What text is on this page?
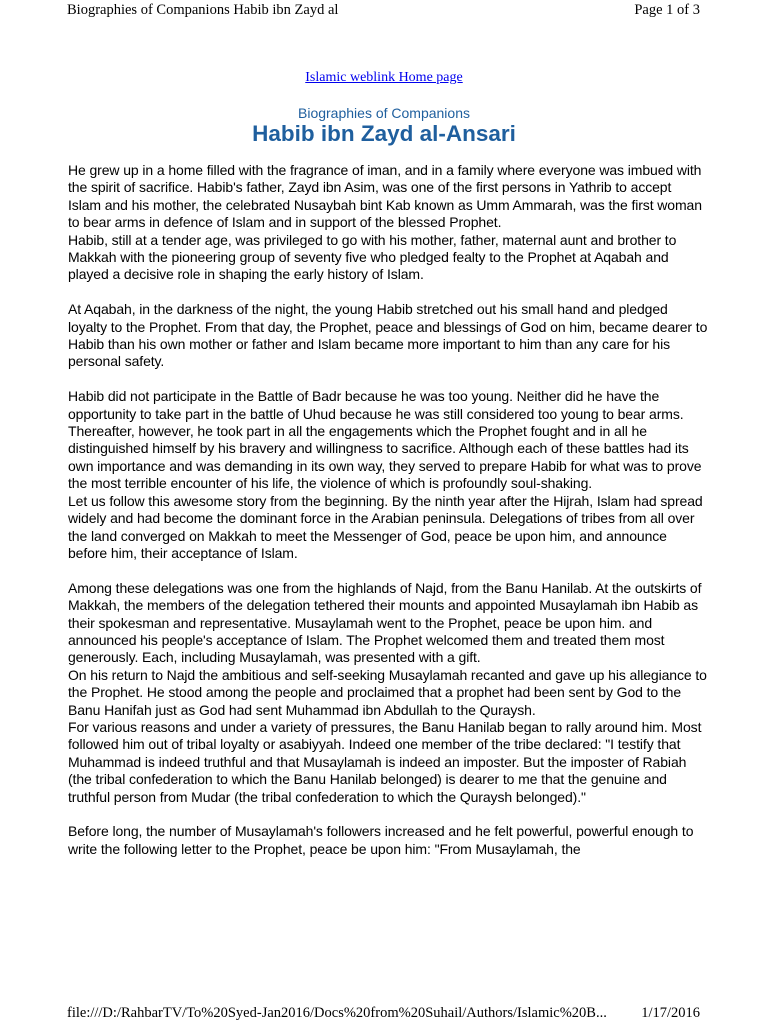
Biographies of Companions Habib ibn Zayd al	Page 1 of 3
Islamic weblink Home page
Biographies of Companions
Habib ibn Zayd al-Ansari

He grew up in a home filled with the fragrance of iman, and in a family where everyone was imbued with the spirit of sacrifice. Habib's father, Zayd ibn Asim, was one of the first persons in Yathrib to accept Islam and his mother, the celebrated Nusaybah bint Kab known as Umm Ammarah, was the first woman to bear arms in defence of Islam and in support of the blessed Prophet.

Habib, still at a tender age, was privileged to go with his mother, father, maternal aunt and brother to Makkah with the pioneering group of seventy five who pledged fealty to the Prophet at Aqabah and played a decisive role in shaping the early history of Islam.

At Aqabah, in the darkness of the night, the young Habib stretched out his small hand and pledged loyalty to the Prophet. From that day, the Prophet, peace and blessings of God on him, became dearer to Habib than his own mother or father and Islam became more important to him than any care for his personal safety.

Habib did not participate in the Battle of Badr because he was too young. Neither did he have the opportunity to take part in the battle of Uhud because he was still considered too young to bear arms. Thereafter, however, he took part in all the engagements which the Prophet fought and in all he distinguished himself by his bravery and willingness to sacrifice. Although each of these battles had its own importance and was demanding in its own way, they served to prepare Habib for what was to prove the most terrible encounter of his life, the violence of which is profoundly soul-shaking.

Let us follow this awesome story from the beginning. By the ninth year after the Hijrah, Islam had spread widely and had become the dominant force in the Arabian peninsula. Delegations of tribes from all over the land converged on Makkah to meet the Messenger of God, peace be upon him, and announce before him, their acceptance of Islam.

Among these delegations was one from the highlands of Najd, from the Banu Hanilab. At the outskirts of Makkah, the members of the delegation tethered their mounts and appointed Musaylamah ibn Habib as their spokesman and representative. Musaylamah went to the Prophet, peace be upon him. and announced his people's acceptance of Islam. The Prophet welcomed them and treated them most generously. Each, including Musaylamah, was presented with a gift.

On his return to Najd the ambitious and self-seeking Musaylamah recanted and gave up his allegiance to the Prophet. He stood among the people and proclaimed that a prophet had been sent by God to the Banu Hanifah just as God had sent Muhammad ibn Abdullah to the Quraysh.

For various reasons and under a variety of pressures, the Banu Hanilab began to rally around him. Most followed him out of tribal loyalty or asabiyyah. Indeed one member of the tribe declared: "I testify that Muhammad is indeed truthful and that Musaylamah is indeed an imposter. But the imposter of Rabiah (the tribal confederation to which the Banu Hanilab belonged) is dearer to me that the genuine and truthful person from Mudar (the tribal confederation to which the Quraysh belonged)."

Before long, the number of Musaylamah's followers increased and he felt powerful, powerful enough to write the following letter to the Prophet, peace be upon him: "From Musaylamah, the

file:///D:/RahbarTV/To%20Syed-Jan2016/Docs%20from%20Suhail/Authors/Islamic%20B... 1/17/2016
